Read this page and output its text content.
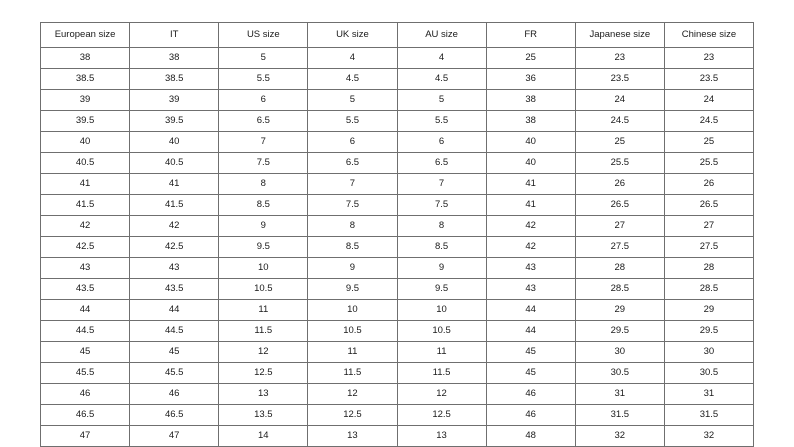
European size	IT	US size	UK size	AU size	FR	Japanese size	Chinese size
38	38	5	4	4	25	23	23
38.5	38.5	5.5	4.5	4.5	36	23.5	23.5
39	39	6	5	5	38	24	24
39.5	39.5	6.5	5.5	5.5	38	24.5	24.5
40	40	7	6	6	40	25	25
40.5	40.5	7.5	6.5	6.5	40	25.5	25.5
41	41	8	7	7	41	26	26
41.5	41.5	8.5	7.5	7.5	41	26.5	26.5
42	42	9	8	8	42	27	27
42.5	42.5	9.5	8.5	8.5	42	27.5	27.5
43	43	10	9	9	43	28	28
43.5	43.5	10.5	9.5	9.5	43	28.5	28.5
44	44	11	10	10	44	29	29
44.5	44.5	11.5	10.5	10.5	44	29.5	29.5
45	45	12	11	11	45	30	30
45.5	45.5	12.5	11.5	11.5	45	30.5	30.5
46	46	13	12	12	46	31	31
46.5	46.5	13.5	12.5	12.5	46	31.5	31.5
47	47	14	13	13	48	32	32
